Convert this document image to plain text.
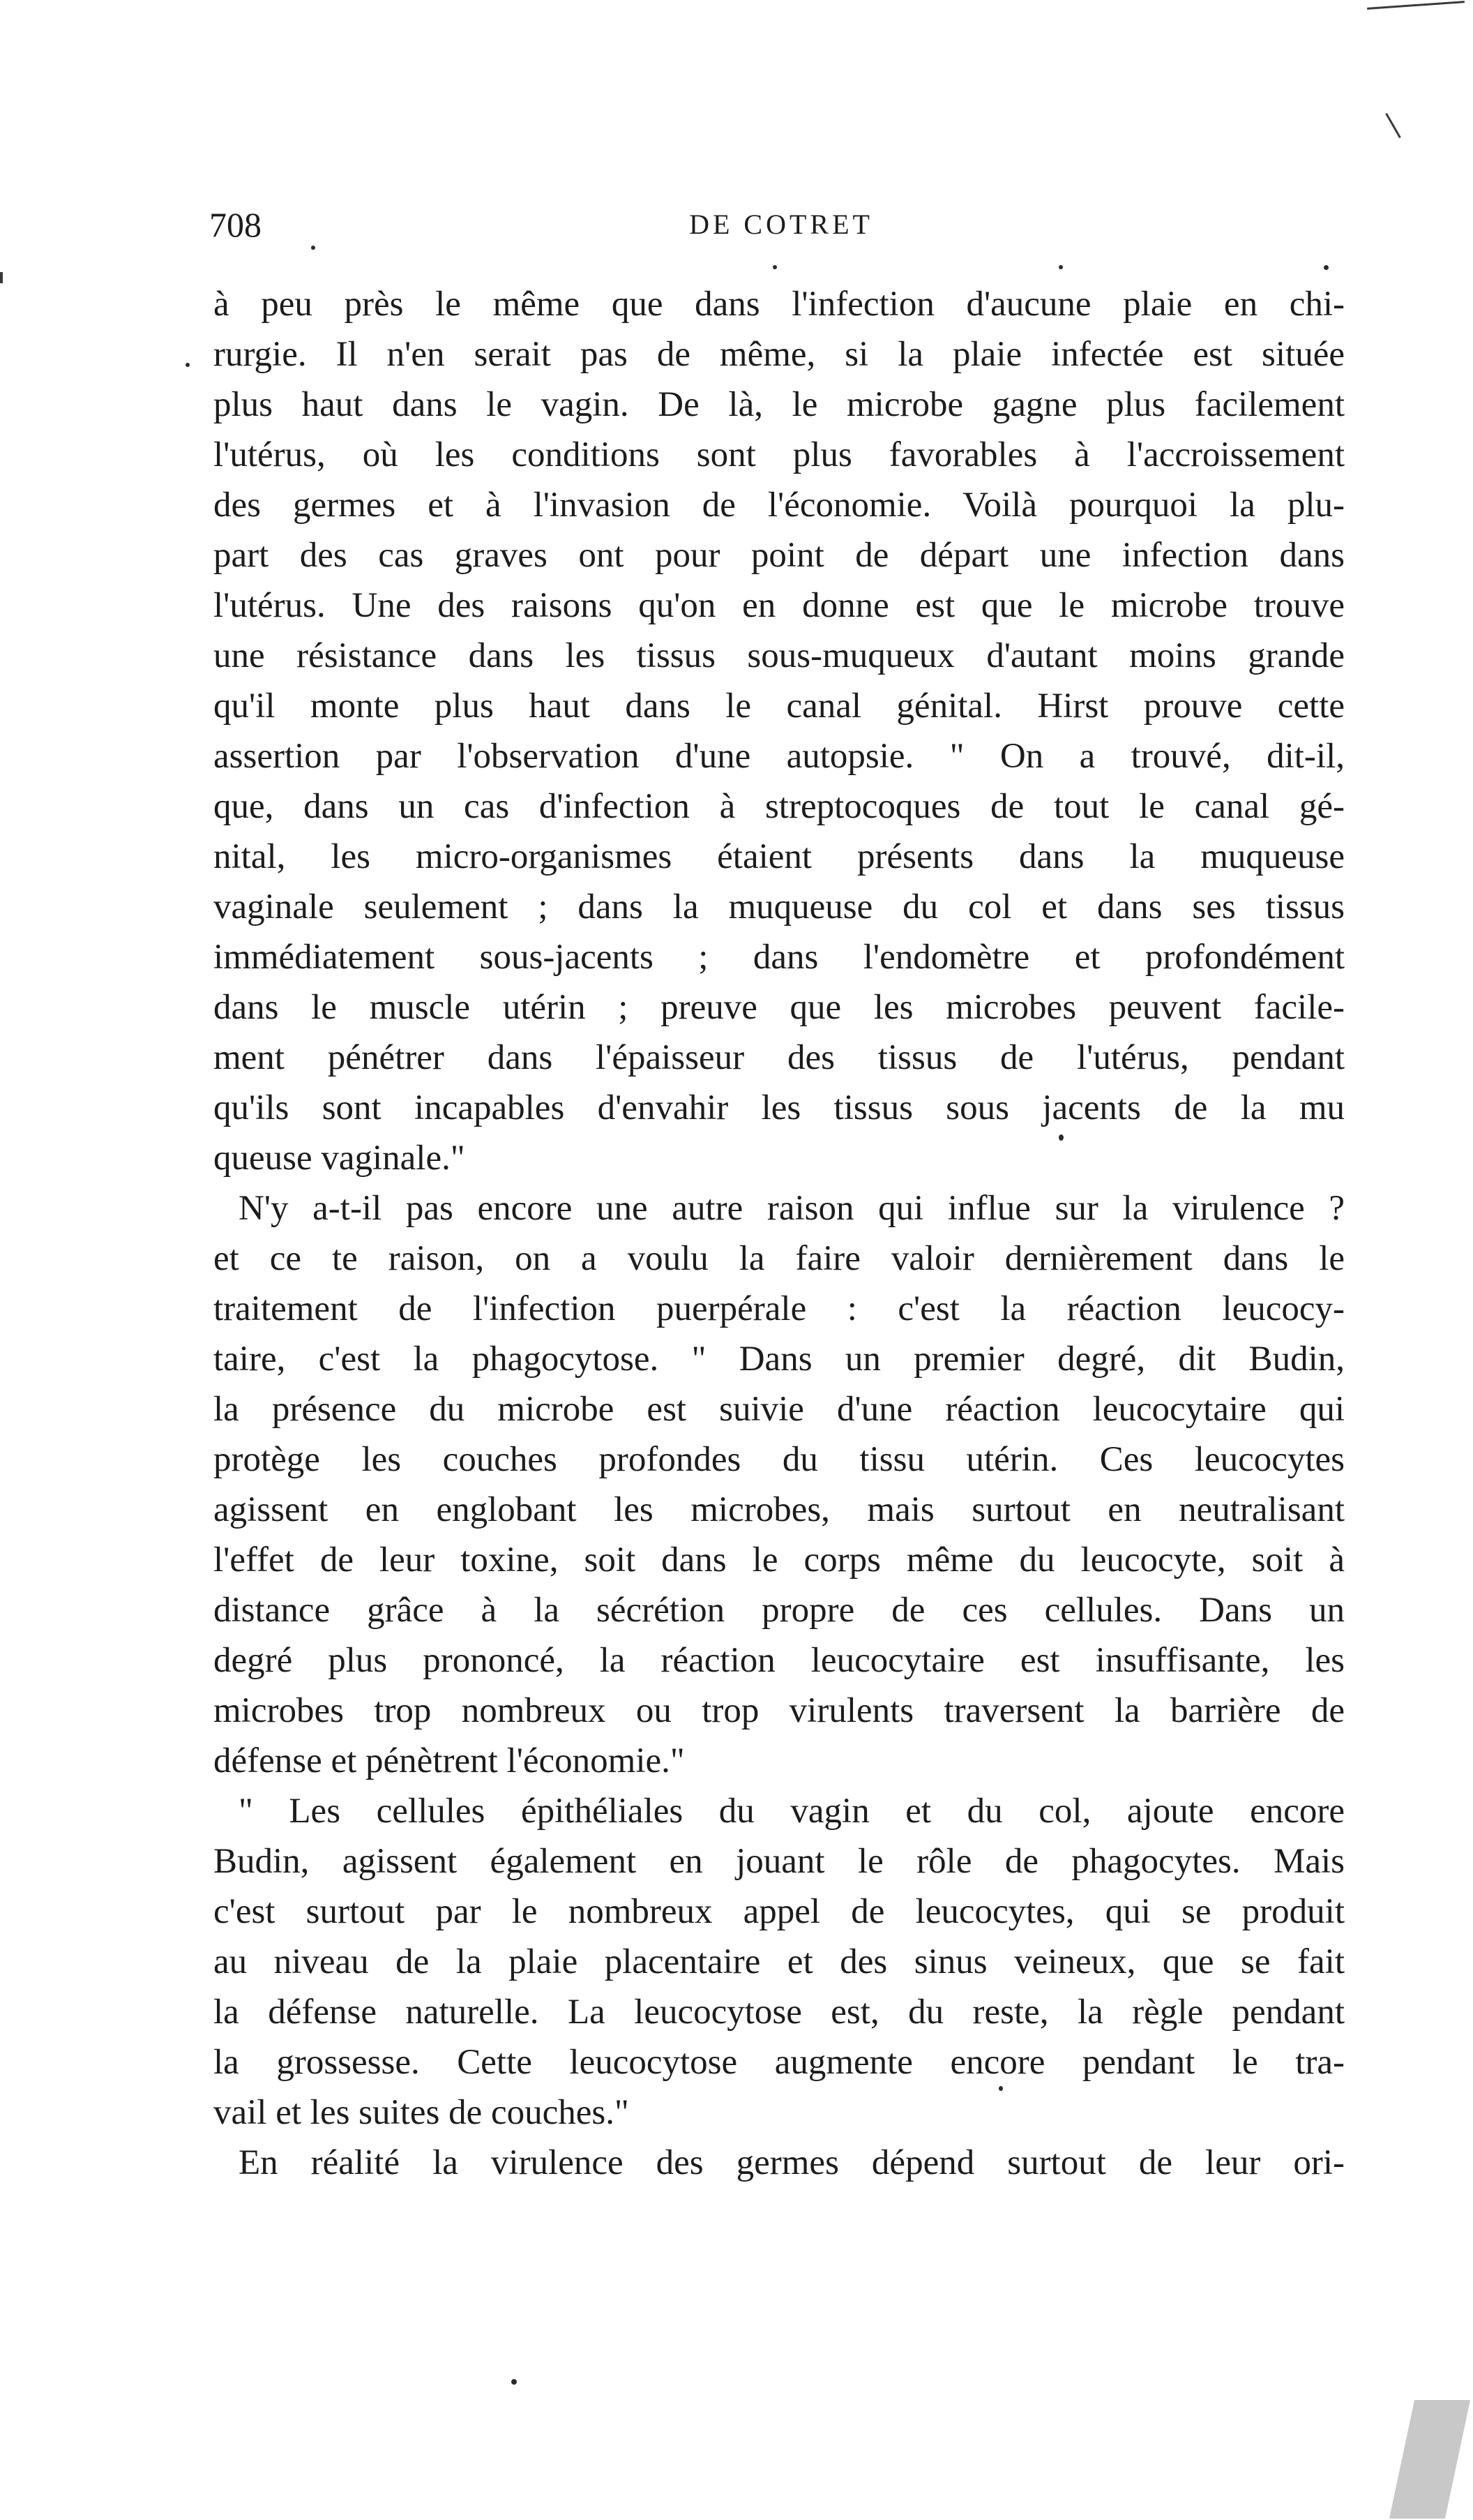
708	DE COTRET

à peu près le même que dans l'infection d'aucune plaie en chi-
rurgie. Il n'en serait pas de même, si la plaie infectée est située
plus haut dans le vagin. De là, le microbe gagne plus facilement
l'utérus, où les conditions sont plus favorables à l'accroissement
des germes et à l'invasion de l'économie. Voilà pourquoi la plu-
part des cas graves ont pour point de départ une infection dans
l'utérus. Une des raisons qu'on en donne est que le microbe trouve
une résistance dans les tissus sous-muqueux d'autant moins grande
qu'il monte plus haut dans le canal génital. Hirst prouve cette
assertion par l'observation d'une autopsie. " On a trouvé, dit-il,
que, dans un cas d'infection à streptocoques de tout le canal gé-
nital, les micro-organismes étaient présents dans la muqueuse
vaginale seulement ; dans la muqueuse du col et dans ses tissus
immédiatement sous-jacents ; dans l'endomètre et profondément
dans le muscle utérin ; preuve que les microbes peuvent facile-
ment pénétrer dans l'épaisseur des tissus de l'utérus, pendant
qu'ils sont incapables d'envahir les tissus sous jacents de la mu
queuse vaginale."

N'y a-t-il pas encore une autre raison qui influe sur la virulence ?
et ce te raison, on a voulu la faire valoir dernièrement dans le
traitement de l'infection puerpérale : c'est la réaction leucocy-
taire, c'est la phagocytose. " Dans un premier degré, dit Budin,
la présence du microbe est suivie d'une réaction leucocytaire qui
protège les couches profondes du tissu utérin. Ces leucocytes
agissent en englobant les microbes, mais surtout en neutralisant
l'effet de leur toxine, soit dans le corps même du leucocyte, soit à
distance grâce à la sécrétion propre de ces cellules. Dans un
degré plus prononcé, la réaction leucocytaire est insuffisante, les
microbes trop nombreux ou trop virulents traversent la barrière de
défense et pénètrent l'économie."

" Les cellules épithéliales du vagin et du col, ajoute encore
Budin, agissent également en jouant le rôle de phagocytes. Mais
c'est surtout par le nombreux appel de leucocytes, qui se produit
au niveau de la plaie placentaire et des sinus veineux, que se fait
la défense naturelle. La leucocytose est, du reste, la règle pendant
la grossesse. Cette leucocytose augmente encore pendant le tra-
vail et les suites de couches."

En réalité la virulence des germes dépend surtout de leur ori-
